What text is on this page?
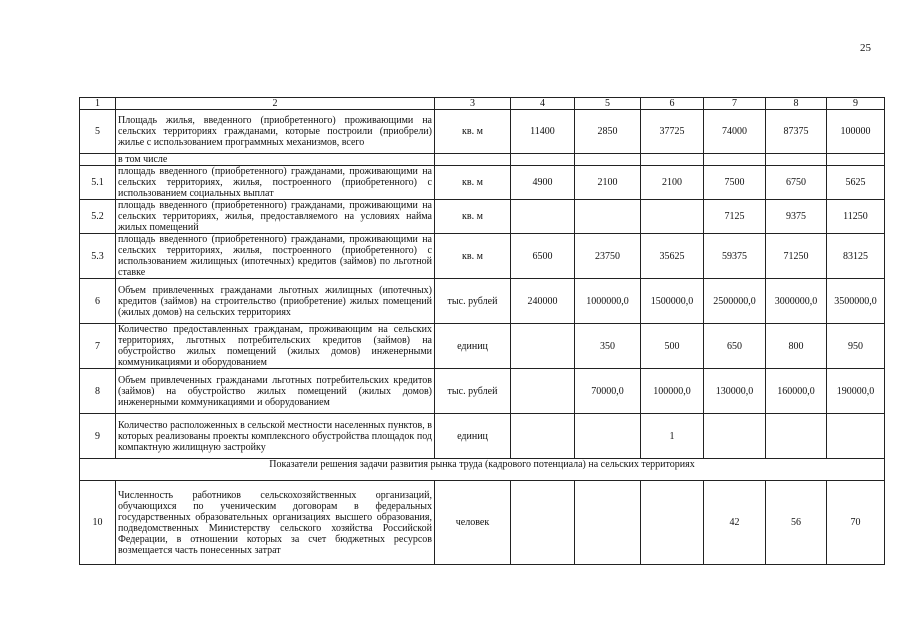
25
1	2	3	4	5	6	7	8	9
5	Площадь жилья, введенного (приобретенного) проживающими на сельских территориях гражданами, которые построили (приобрели) жилье с использованием программных механизмов, всего	кв. м	11400	2850	37725	74000	87375	100000
	в том числе							
5.1	площадь введенного (приобретенного) гражданами, проживающими на сельских территориях, жилья, построенного (приобретенного) с использованием социальных выплат	кв. м	4900	2100	2100	7500	6750	5625
5.2	площадь введенного (приобретенного) гражданами, проживающими на сельских территориях, жилья, предоставляемого на условиях найма жилых помещений	кв. м				7125	9375	11250
5.3	площадь введенного (приобретенного) гражданами, проживающими на сельских территориях, жилья, построенного (приобретенного) с использованием жилищных (ипотечных) кредитов (займов) по льготной ставке	кв. м	6500	23750	35625	59375	71250	83125
6	Объем привлеченных гражданами льготных жилищных (ипотечных) кредитов (займов) на строительство (приобретение) жилых помещений (жилых домов) на сельских территориях	тыс. рублей	240000	1000000,0	1500000,0	2500000,0	3000000,0	3500000,0
7	Количество предоставленных гражданам, проживающим на сельских территориях, льготных потребительских кредитов (займов) на обустройство жилых помещений (жилых домов) инженерными коммуникациями и оборудованием	единиц		350	500	650	800	950
8	Объем привлеченных гражданами льготных потребительских кредитов (займов) на обустройство жилых помещений (жилых домов) инженерными коммуникациями и оборудованием	тыс. рублей		70000,0	100000,0	130000,0	160000,0	190000,0
9	Количество расположенных в сельской местности населенных пунктов, в которых реализованы проекты комплексного обустройства площадок под компактную жилищную застройку	единиц			1			
Показатели решения задачи развития рынка труда (кадрового потенциала) на сельских территориях								
10	Численность работников сельскохозяйственных организаций, обучающихся по ученическим договорам в федеральных государственных образовательных организациях высшего образования, подведомственных Министерству сельского хозяйства Российской Федерации, в отношении которых за счет бюджетных ресурсов возмещается часть понесенных затрат	человек				42	56	70
